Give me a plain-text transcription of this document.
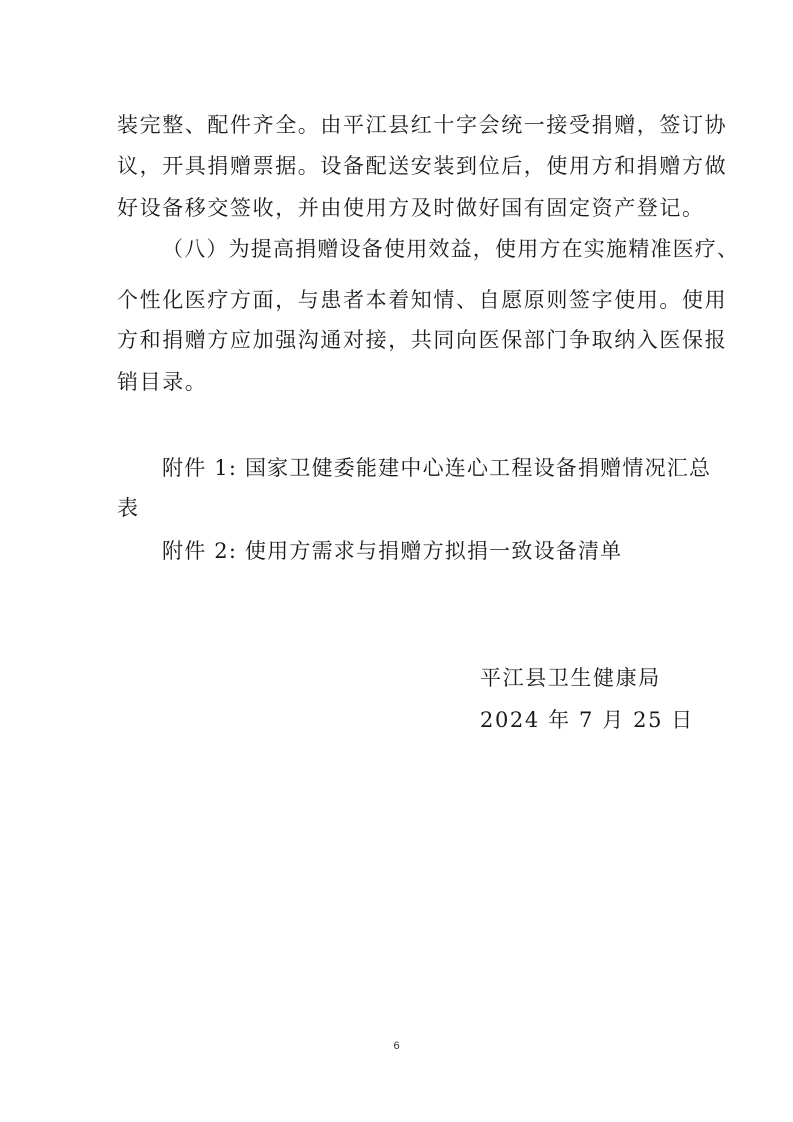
装完整、配件齐全。由平江县红十字会统一接受捐赠，签订协
议，开具捐赠票据。设备配送安装到位后，使用方和捐赠方做
好设备移交签收，并由使用方及时做好国有固定资产登记。
（八）为提高捐赠设备使用效益，使用方在实施精准医疗、
个性化医疗方面，与患者本着知情、自愿原则签字使用。使用
方和捐赠方应加强沟通对接，共同向医保部门争取纳入医保报
销目录。
附件 1: 国家卫健委能建中心连心工程设备捐赠情况汇总
表
附件 2: 使用方需求与捐赠方拟捐一致设备清单
平江县卫生健康局
2024 年 7 月 25 日
6
